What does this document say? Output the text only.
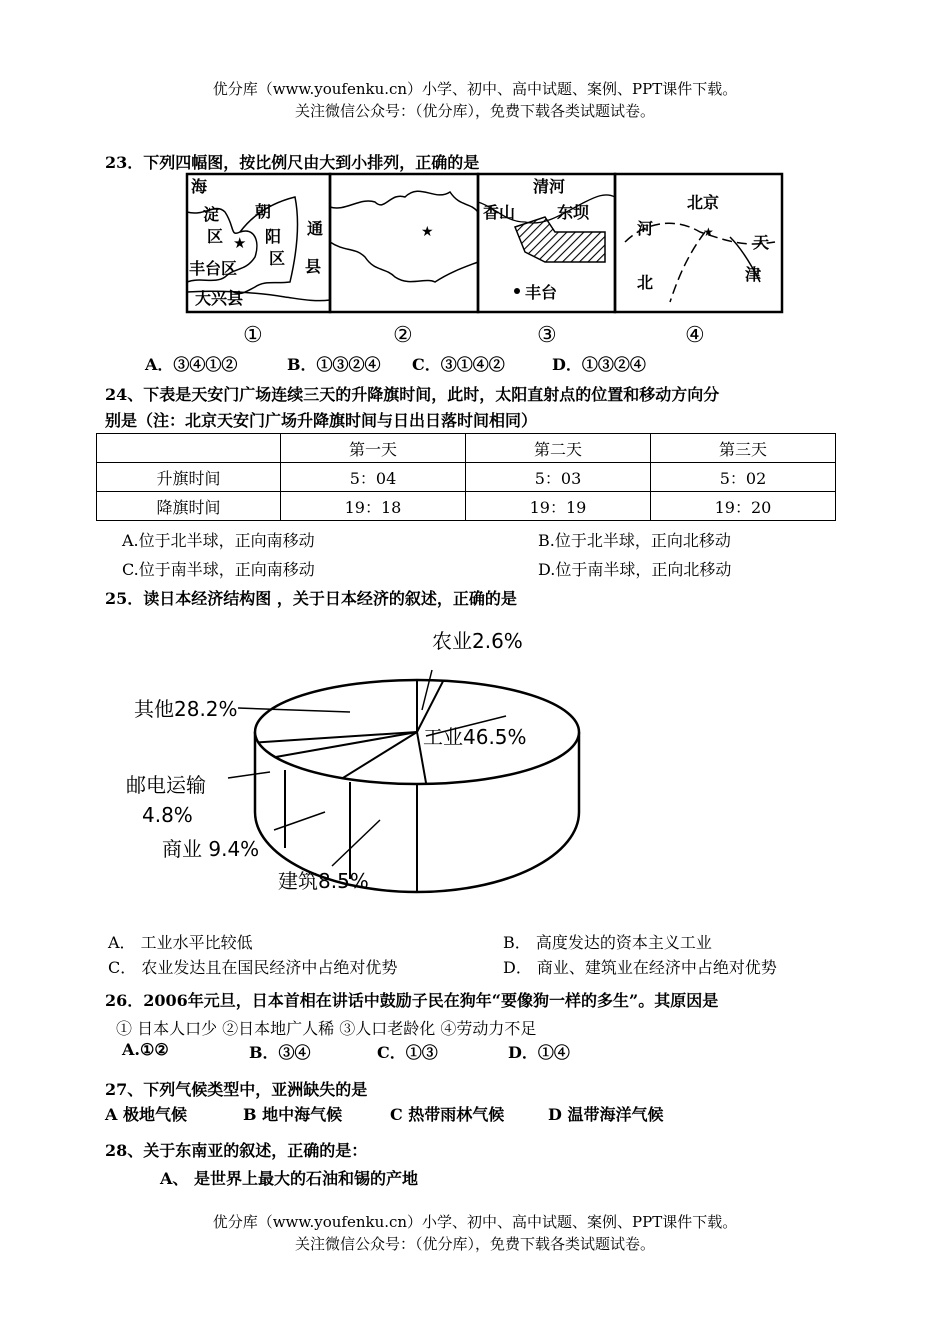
优分库（www.youfenku.cn）小学、初中、高中试题、案例、PPT课件下载。
关注微信公众号：（优分库），免费下载各类试题试卷。
23．下列四幅图，按比例尺由大到小排列，正确的是
海
淀
区
朝
阳
区
通
县
丰台区
大兴县
★
★
清河
香山	东坝
丰台
北京
河
天
北	津
★
①	②	③	④
A．③④①②	B．①③②④ C．③①④②	D．①③②④
24、下表是天安门广场连续三天的升降旗时间，此时，太阳直射点的位置和移动方向分
别是（注：北京天安门广场升降旗时间与日出日落时间相同）
	第一天	第二天	第三天
升旗时间	5：04	5：03	5：02
降旗时间	19：18	19：19	19：20
A.位于北半球，正向南移动	B.位于北半球，正向北移动
C.位于南半球，正向南移动	D.位于南半球，正向北移动
25．读日本经济结构图 ，关于日本经济的叙述，正确的是
农业2.6%
工业46.5%
建筑8.5%
商业 9.4%
邮电运输
4.8%
其他28.2%
A． 工业水平比较低	B． 高度发达的资本主义工业
C． 农业发达且在国民经济中占绝对优势	D． 商业、建筑业在经济中占绝对优势
26．2006年元旦，日本首相在讲话中鼓励子民在狗年“要像狗一样的多生”。其原因是
① 日本人口少 ②日本地广人稀 ③人口老龄化 ④劳动力不足
A.①②	B．③④	C．①③	D．①④
27、下列气候类型中，亚洲缺失的是
A 极地气候	B 地中海气候	C 热带雨林气候	D 温带海洋气候
28、关于东南亚的叙述，正确的是：
A、 是世界上最大的石油和锡的产地
优分库（www.youfenku.cn）小学、初中、高中试题、案例、PPT课件下载。
关注微信公众号：（优分库），免费下载各类试题试卷。
